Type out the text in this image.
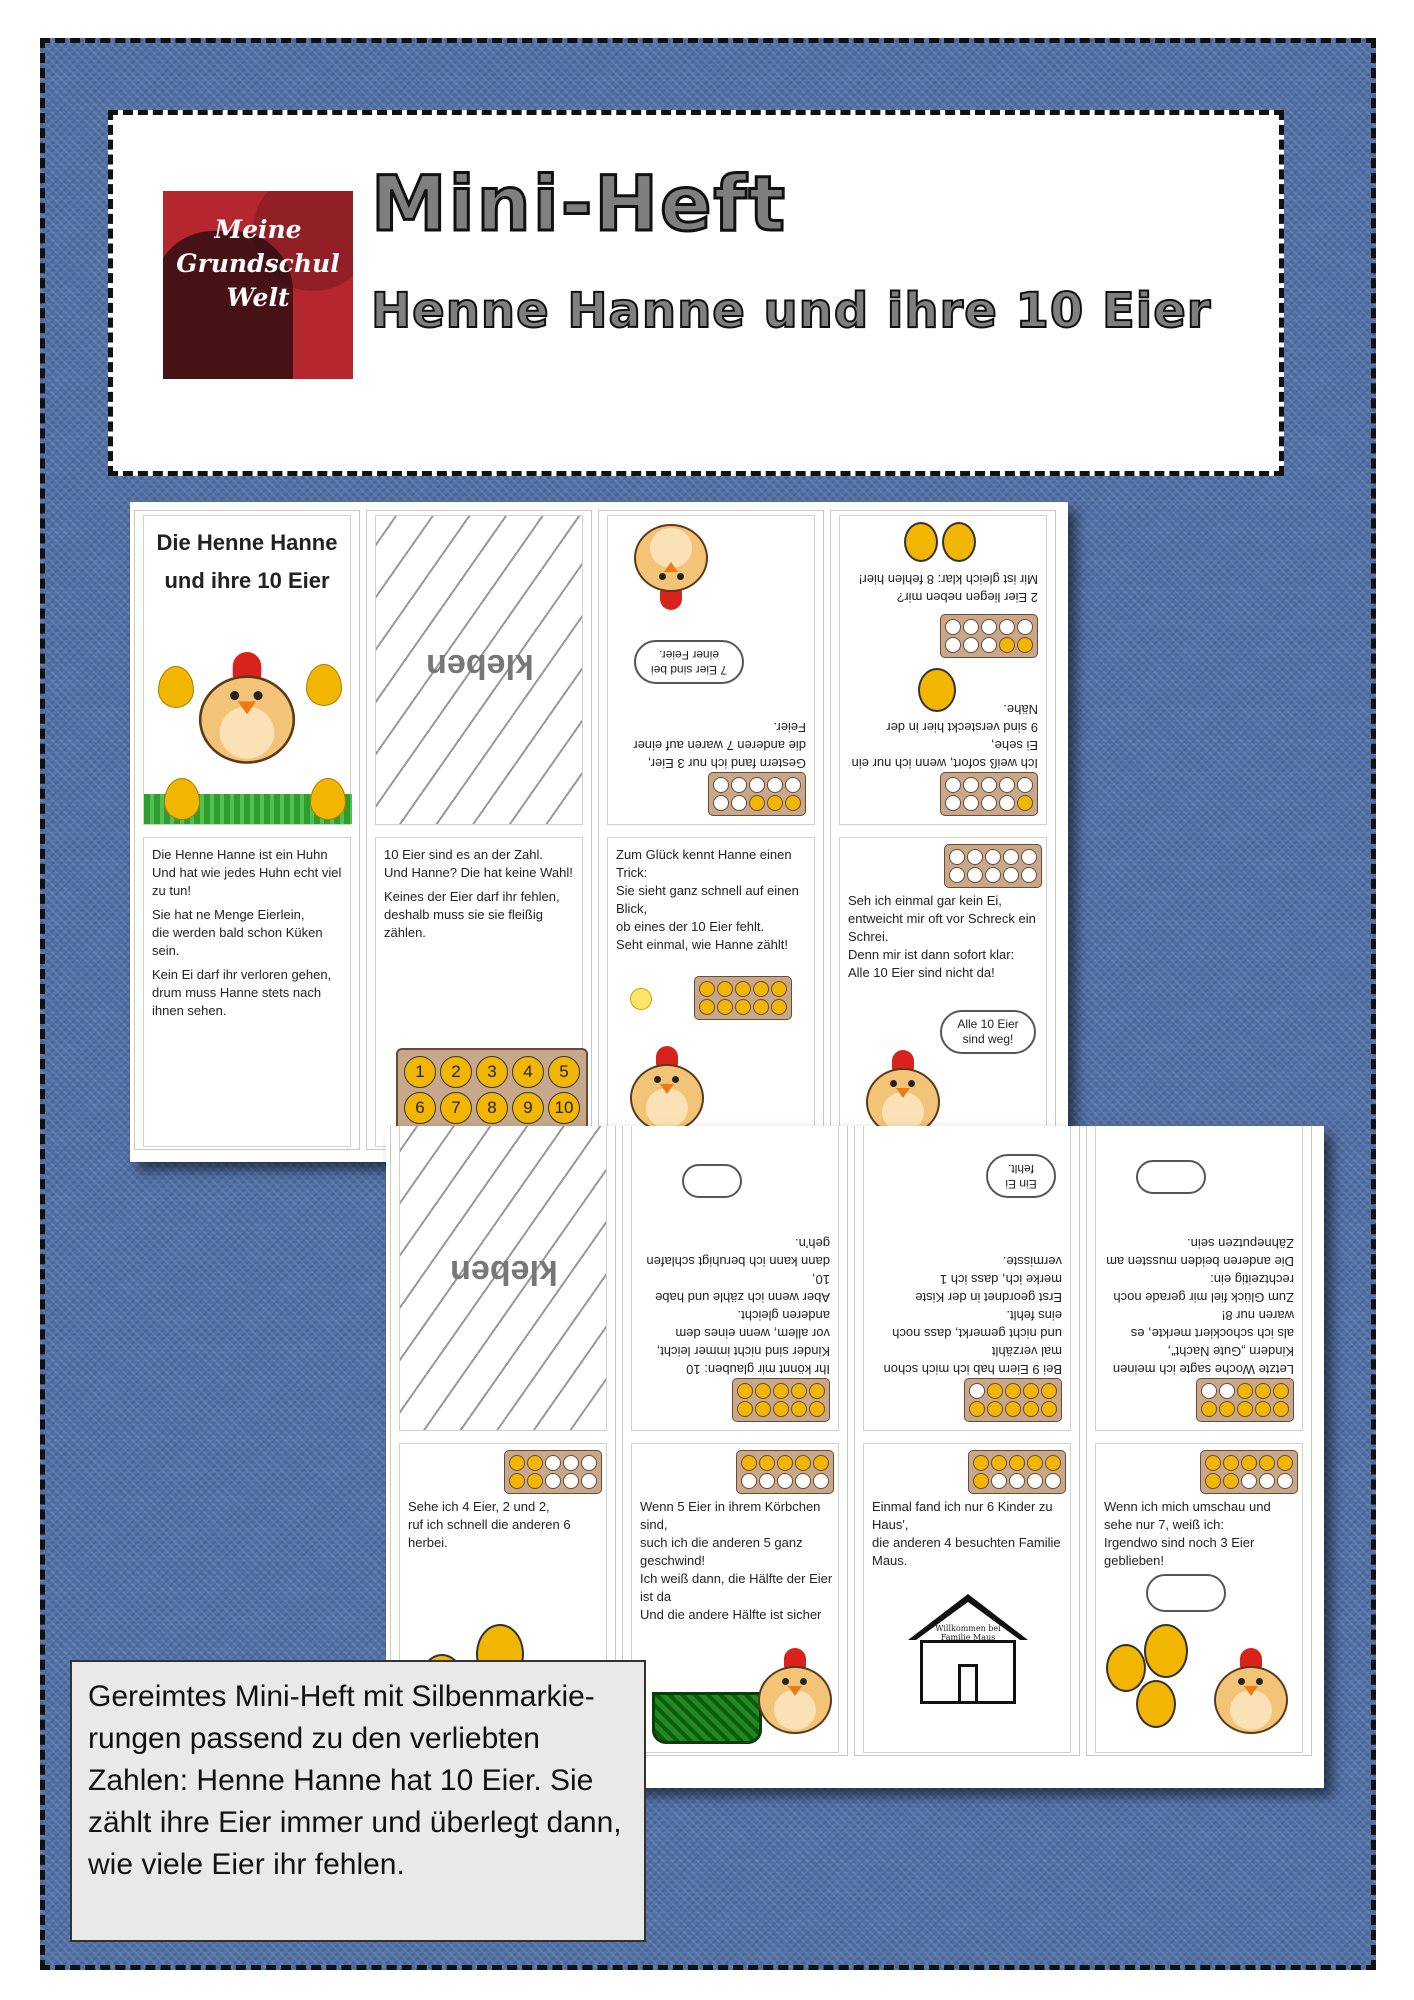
Meine Grundschul Welt
Mini-Heft
Henne Hanne und ihre 10 Eier
Die Henne Hanne und ihre 10 Eier
Die Henne Hanne ist ein Huhn
Und hat wie jedes Huhn echt viel zu tun!
Sie hat ne Menge Eierlein,
die werden bald schon Küken sein.
Kein Ei darf ihr verloren gehen,
drum muss Hanne stets nach ihnen sehen.
kleben
10 Eier sind es an der Zahl.
Und Hanne? Die hat keine Wahl!
Keines der Eier darf ihr fehlen,
deshalb muss sie sie fleißig zählen.
1	2	3	4	5
6	7	8	9	10
Gestern fand ich nur 3 Eier,
die anderen 7 waren auf einer
Feier.
7 Eier sind bei einer Feier.
Zum Glück kennt Hanne einen Trick:
Sie sieht ganz schnell auf einen Blick,
ob eines der 10 Eier fehlt.
Seht einmal, wie Hanne zählt!
Ich weiß sofort, wenn ich nur ein
Ei sehe,
9 sind versteckt hier in der Nähe.
2 Eier liegen neben mir?
Mir ist gleich klar: 8 fehlen hier!
Seh ich einmal gar kein Ei,
entweicht mir oft vor Schreck ein Schrei.
Denn mir ist dann sofort klar:
Alle 10 Eier sind nicht da!
Alle 10 Eier sind weg!
kleben
Sehe ich 4 Eier, 2 und 2,
ruf ich schnell die anderen 6 herbei.
Ihr könnt mir glauben: 10
Kinder sind nicht immer leicht,
vor allem, wenn eines dem
anderen gleicht.
Aber wenn ich zähle und habe
10,
dann kann ich beruhigt schlafen
geh'n.
Wenn 5 Eier in ihrem Körbchen sind,
such ich die anderen 5 ganz geschwind!
Ich weiß dann, die Hälfte der Eier ist da
Und die andere Hälfte ist sicher
Bei 9 Eiern hab ich mich schon
mal verzählt
und nicht gemerkt, dass noch
eins fehlt.
Erst geordnet in der Kiste
merke ich, dass ich 1
vermisste.
Ein Ei fehlt.
Einmal fand ich nur 6 Kinder zu Haus',
die anderen 4 besuchten Familie Maus.
Willkommen bei Familie Maus
Letzte Woche sagte ich meinen
Kindern „Gute Nacht“,
als ich schockiert merkte, es
waren nur 8!
Zum Glück fiel mir gerade noch
rechtzeitig ein:
Die anderen beiden mussten am
Zähneputzen sein.
Wenn ich mich umschau und sehe nur 7, weiß ich:
Irgendwo sind noch 3 Eier geblieben!
Gereimtes Mini-Heft mit Silbenmarkie-rungen passend zu den verliebten Zahlen: Henne Hanne hat 10 Eier. Sie zählt ihre Eier immer und überlegt dann, wie viele Eier ihr fehlen.
